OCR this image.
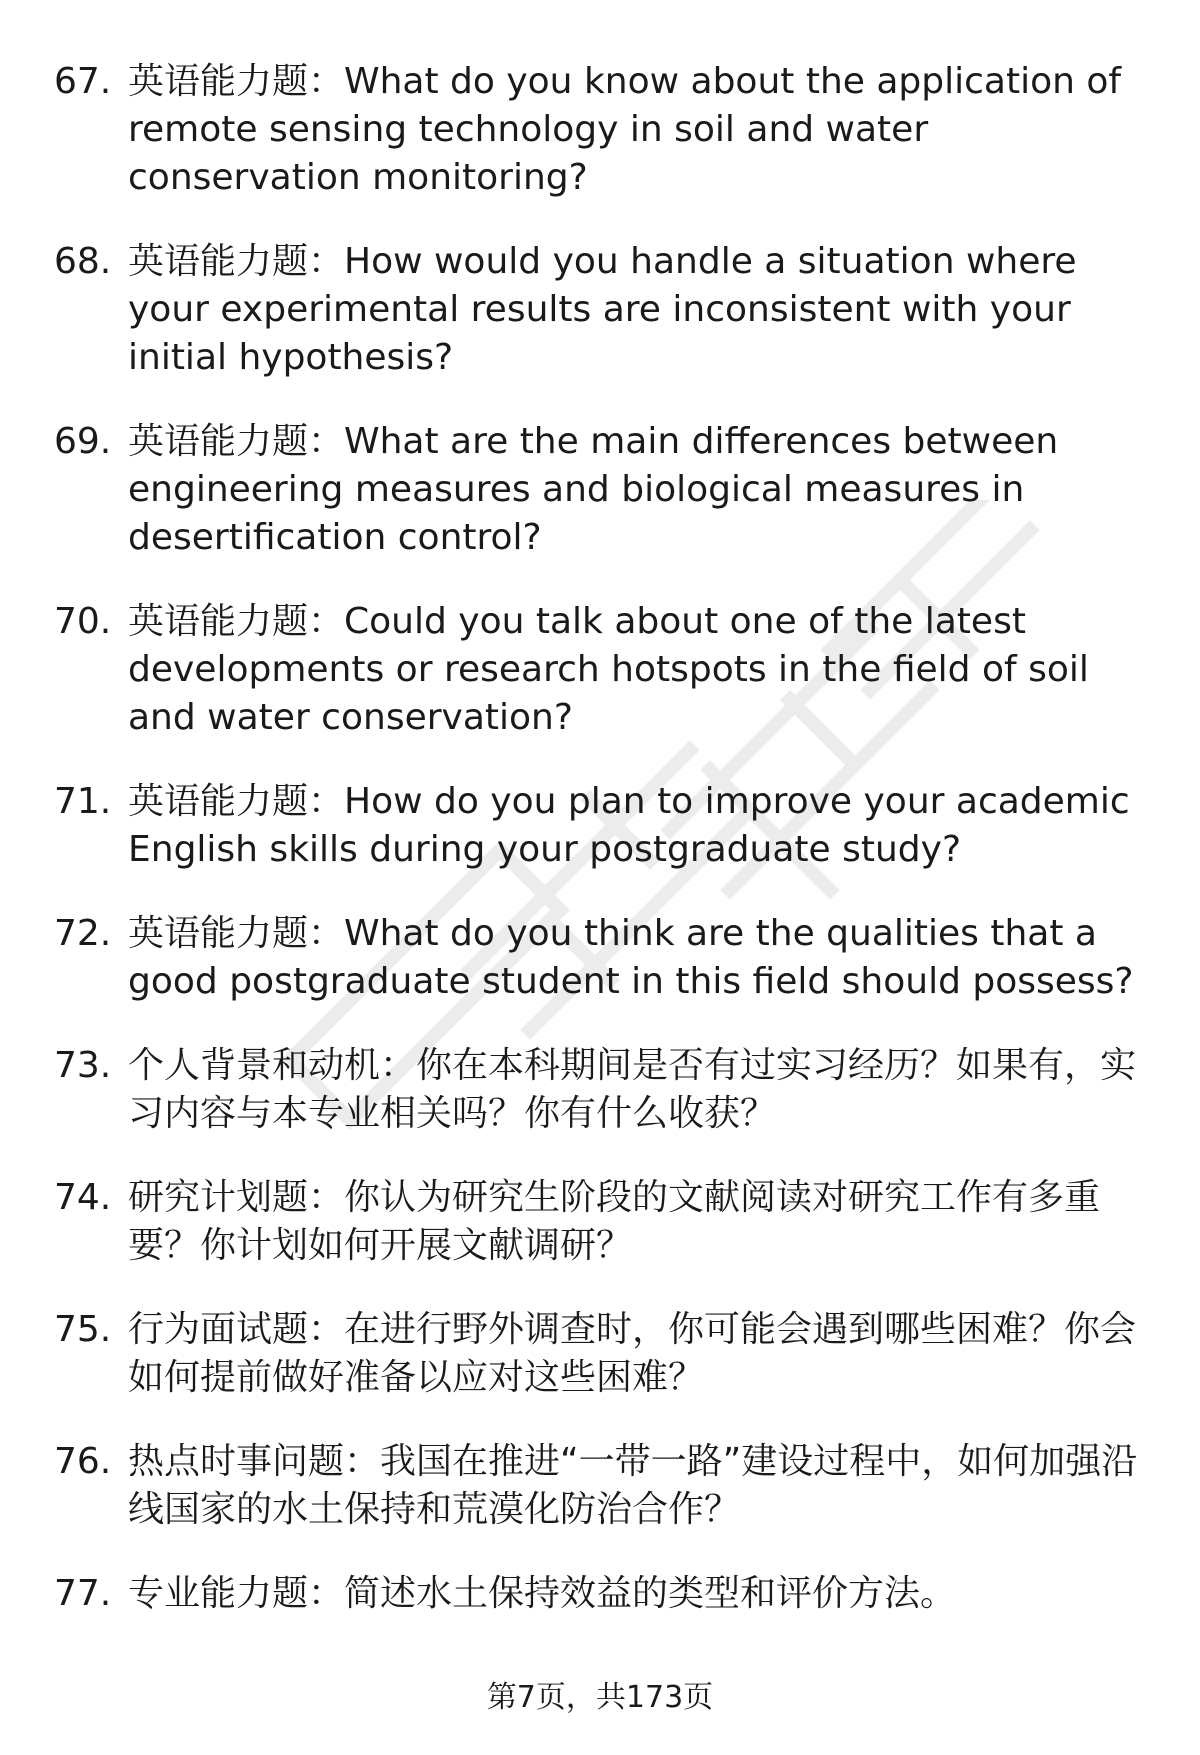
67. 英语能力题：What do you know about the application of remote sensing technology in soil and water conservation monitoring?
68. 英语能力题：How would you handle a situation where your experimental results are inconsistent with your initial hypothesis?
69. 英语能力题：What are the main differences between engineering measures and biological measures in desertification control?
70. 英语能力题：Could you talk about one of the latest developments or research hotspots in the field of soil and water conservation?
71. 英语能力题：How do you plan to improve your academic English skills during your postgraduate study?
72. 英语能力题：What do you think are the qualities that a good postgraduate student in this field should possess?
73. 个人背景和动机：你在本科期间是否有过实习经历？如果有，实习内容与本专业相关吗？你有什么收获？
74. 研究计划题：你认为研究生阶段的文献阅读对研究工作有多重要？你计划如何开展文献调研？
75. 行为面试题：在进行野外调查时，你可能会遇到哪些困难？你会如何提前做好准备以应对这些困难？
76. 热点时事问题：我国在推进“一带一路”建设过程中，如何加强沿线国家的水土保持和荒漠化防治合作？
77. 专业能力题：简述水土保持效益的类型和评价方法。
第7页，共173页
